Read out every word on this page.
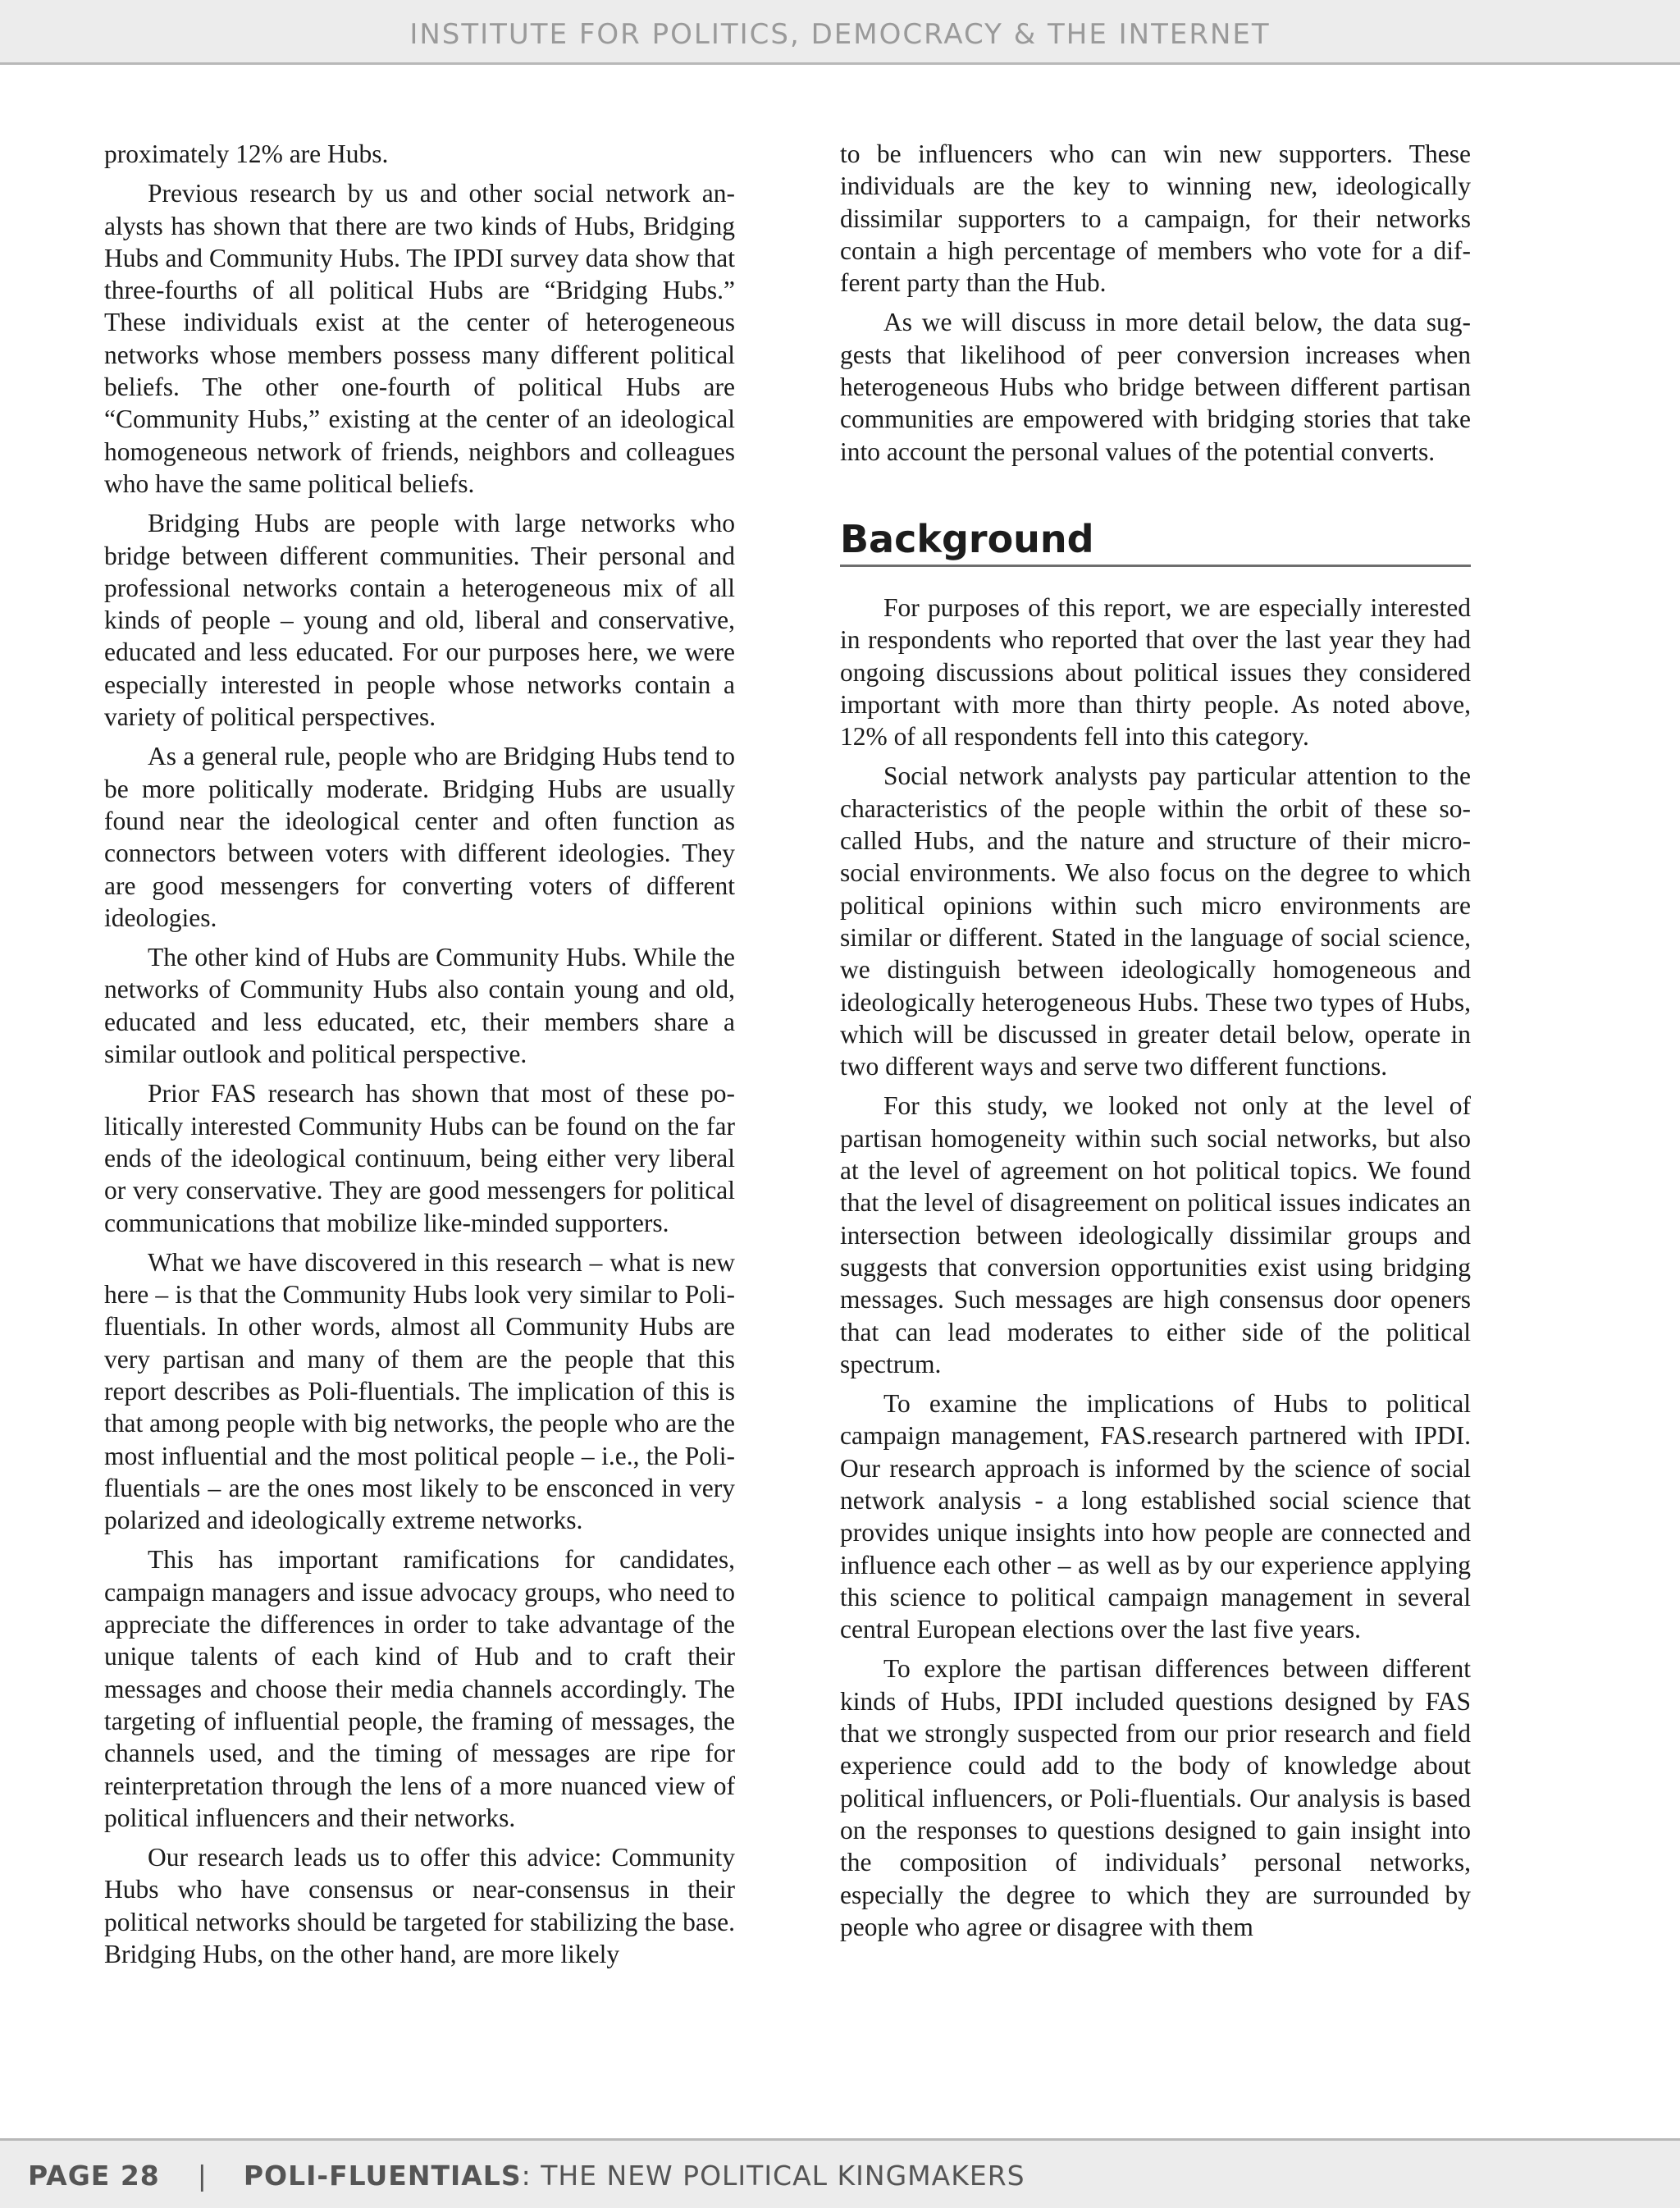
INSTITUTE FOR POLITICS, DEMOCRACY & THE INTERNET

proximately 12% are Hubs.

Previous research by us and other social network analysts has shown that there are two kinds of Hubs, Bridging Hubs and Community Hubs. The IPDI survey data show that three-fourths of all political Hubs are “Bridging Hubs.” These individuals exist at the center of heterogeneous networks whose members possess many different political beliefs. The other one-fourth of political Hubs are “Community Hubs,” existing at the center of an ideological homogeneous network of friends, neighbors and colleagues who have the same political beliefs.

Bridging Hubs are people with large networks who bridge between different communities. Their personal and professional networks contain a heterogeneous mix of all kinds of people – young and old, liberal and conservative, educated and less educated. For our purposes here, we were especially interested in people whose networks contain a variety of political perspectives.

As a general rule, people who are Bridging Hubs tend to be more politically moderate. Bridging Hubs are usually found near the ideological center and often function as connectors between voters with different ideologies. They are good messengers for converting voters of different ideologies.

The other kind of Hubs are Community Hubs. While the networks of Community Hubs also contain young and old, educated and less educated, etc, their members share a similar outlook and political perspective.

Prior FAS research has shown that most of these politically interested Community Hubs can be found on the far ends of the ideological continuum, being either very liberal or very conservative. They are good messengers for political communications that mobilize like-minded supporters.

What we have discovered in this research – what is new here – is that the Community Hubs look very similar to Poli-fluentials. In other words, almost all Community Hubs are very partisan and many of them are the people that this report describes as Poli-fluentials. The implication of this is that among people with big networks, the people who are the most influential and the most political people – i.e., the Poli-fluentials – are the ones most likely to be ensconced in very polarized and ideologically extreme networks.

This has important ramifications for candidates, campaign managers and issue advocacy groups, who need to appreciate the differences in order to take advantage of the unique talents of each kind of Hub and to craft their messages and choose their media channels accordingly. The targeting of influential people, the framing of messages, the channels used, and the timing of messages are ripe for reinterpretation through the lens of a more nuanced view of political influencers and their networks.

Our research leads us to offer this advice: Community Hubs who have consensus or near-consensus in their political networks should be targeted for stabilizing the base. Bridging Hubs, on the other hand, are more likely

to be influencers who can win new supporters. These individuals are the key to winning new, ideologically dissimilar supporters to a campaign, for their networks contain a high percentage of members who vote for a different party than the Hub.

As we will discuss in more detail below, the data suggests that likelihood of peer conversion increases when heterogeneous Hubs who bridge between different partisan communities are empowered with bridging stories that take into account the personal values of the potential converts.

Background

For purposes of this report, we are especially interested in respondents who reported that over the last year they had ongoing discussions about political issues they considered important with more than thirty people. As noted above, 12% of all respondents fell into this category.

Social network analysts pay particular attention to the characteristics of the people within the orbit of these so-called Hubs, and the nature and structure of their micro-social environments. We also focus on the degree to which political opinions within such micro environments are similar or different. Stated in the language of social science, we distinguish between ideologically homogeneous and ideologically heterogeneous Hubs. These two types of Hubs, which will be discussed in greater detail below, operate in two different ways and serve two different functions.

For this study, we looked not only at the level of partisan homogeneity within such social networks, but also at the level of agreement on hot political topics. We found that the level of disagreement on political issues indicates an intersection between ideologically dissimilar groups and suggests that conversion opportunities exist using bridging messages. Such messages are high consensus door openers that can lead moderates to either side of the political spectrum.

To examine the implications of Hubs to political campaign management, FAS.research partnered with IPDI. Our research approach is informed by the science of social network analysis - a long established social science that provides unique insights into how people are connected and influence each other – as well as by our experience applying this science to political campaign management in several central European elections over the last five years.

To explore the partisan differences between different kinds of Hubs, IPDI included questions designed by FAS that we strongly suspected from our prior research and field experience could add to the body of knowledge about political influencers, or Poli-fluentials. Our analysis is based on the responses to questions designed to gain insight into the composition of individuals’ personal networks, especially the degree to which they are surrounded by people who agree or disagree with them

PAGE 28 | POLI-FLUENTIALS: THE NEW POLITICAL KINGMAKERS
